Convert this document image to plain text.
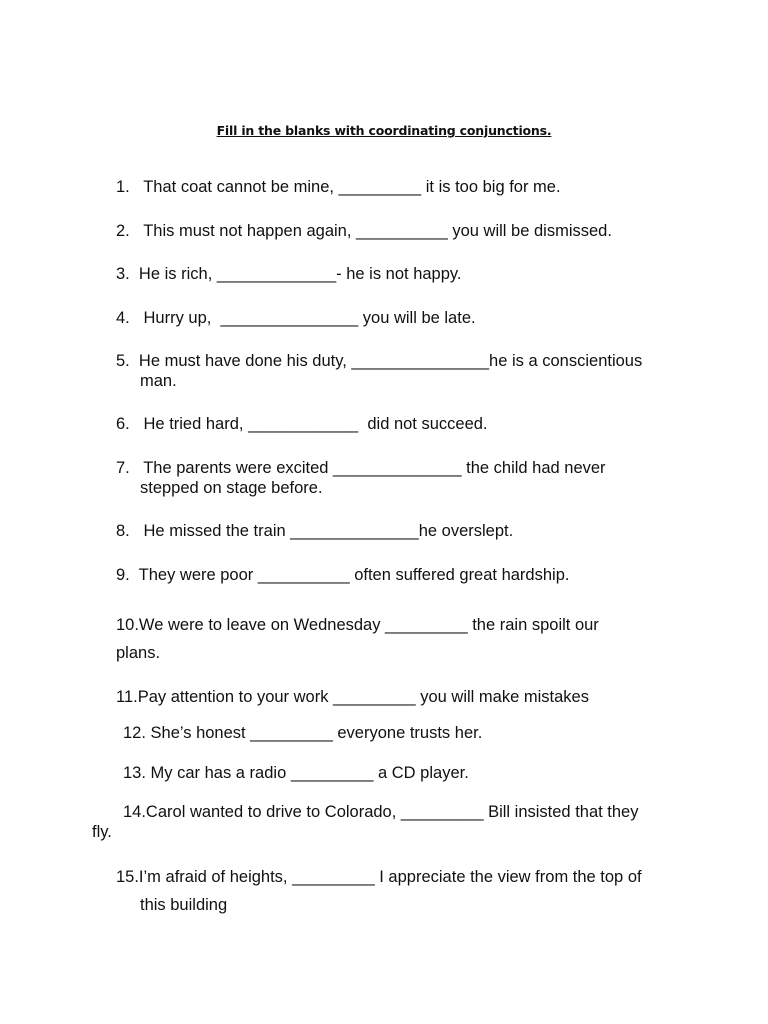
Fill in the blanks with coordinating conjunctions.
1.   That coat cannot be mine, _________ it is too big for me.
2.   This must not happen again, __________ you will be dismissed.
3.  He is rich, _____________- he is not happy.
4.   Hurry up,  _______________ you will be late.
5.  He must have done his duty, _______________he is a conscientious
man.
6.   He tried hard, ____________  did not succeed.
7.   The parents were excited ______________ the child had never
stepped on stage before.
8.   He missed the train ______________he overslept.
9.  They were poor __________ often suffered great hardship.
10.We were to leave on Wednesday _________ the rain spoilt our
plans.
11.Pay attention to your work _________ you will make mistakes
12. She’s honest _________ everyone trusts her.
13. My car has a radio _________ a CD player.
14.Carol wanted to drive to Colorado, _________ Bill insisted that they
fly.
15.I’m afraid of heights, _________ I appreciate the view from the top of
this building
